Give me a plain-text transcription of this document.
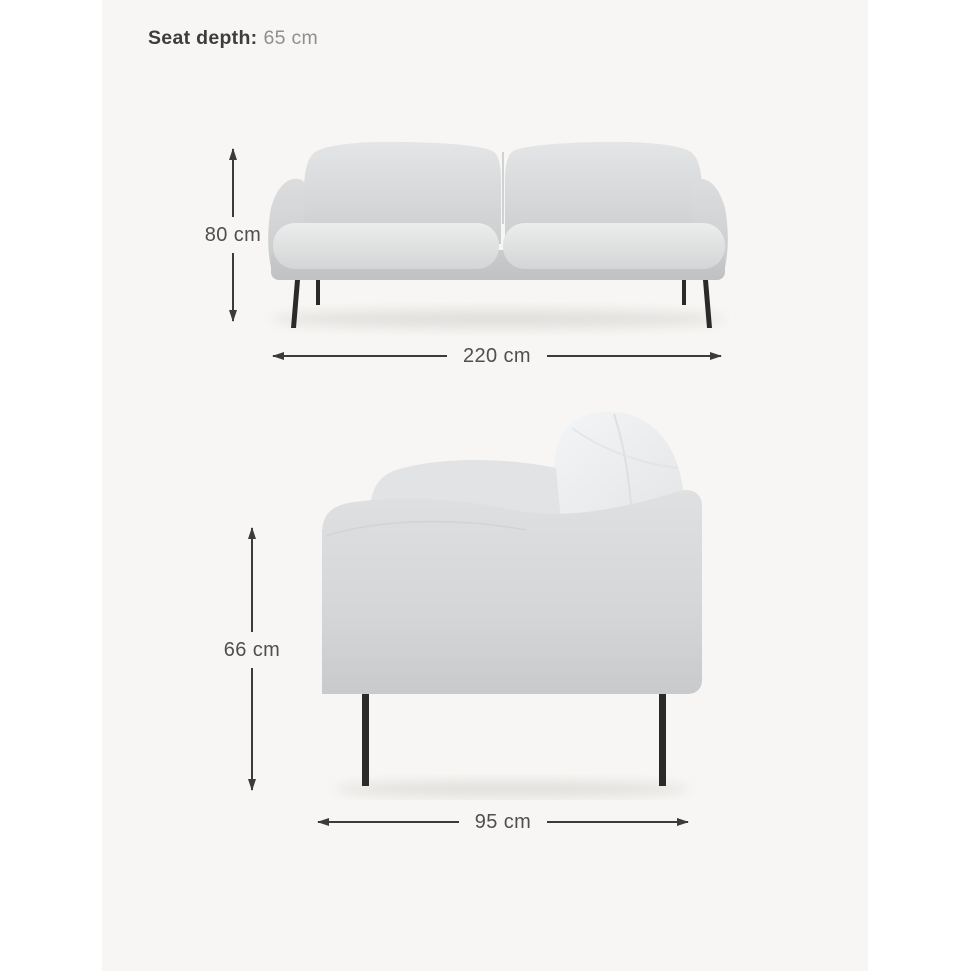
Seat depth: 65 cm
80 cm
220 cm
66 cm
95 cm
